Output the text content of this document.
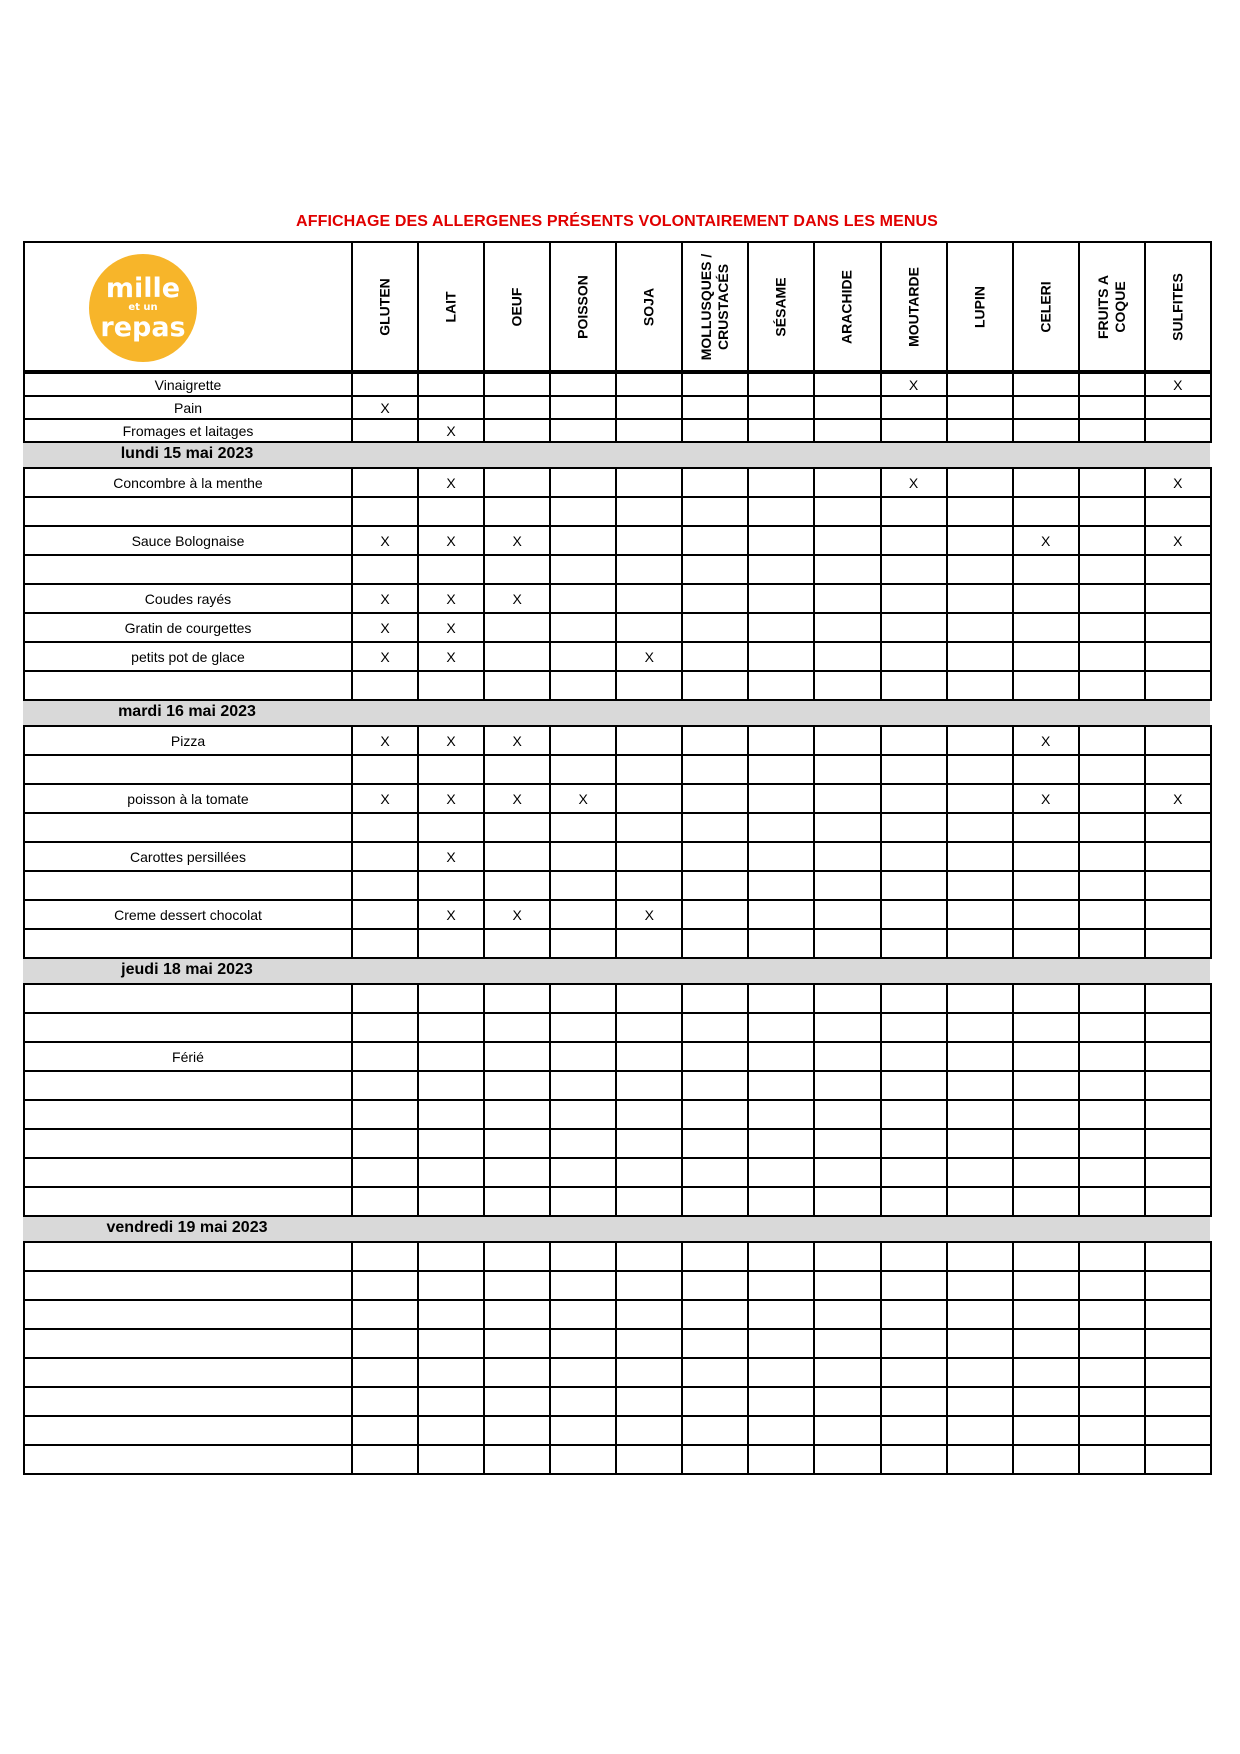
AFFICHAGE DES ALLERGENES PRÉSENTS VOLONTAIREMENT DANS LES MENUS
mille
et un
repas	GLUTEN	LAIT	OEUF	POISSON	SOJA	MOLLUSQUES / CRUSTACÉS	SÉSAME	ARACHIDE	MOUTARDE	LUPIN	CELERI	FRUITS A COQUE	SULFITES
Vinaigrette									X				X
Pain	X												
Fromages et laitages		X											
lundi 15 mai 2023
Concombre à la menthe		X							X				X

Sauce Bolognaise	X	X	X								X		X

Coudes rayés	X	X	X										
Gratin de courgettes	X	X											
petits pot de glace	X	X			X								

mardi 16 mai 2023
Pizza	X	X	X								X		

poisson à la tomate	X	X	X	X							X		X

Carottes persillées		X											

Creme dessert chocolat		X	X		X								

jeudi 18 mai 2023

Férié													

vendredi 19 mai 2023
